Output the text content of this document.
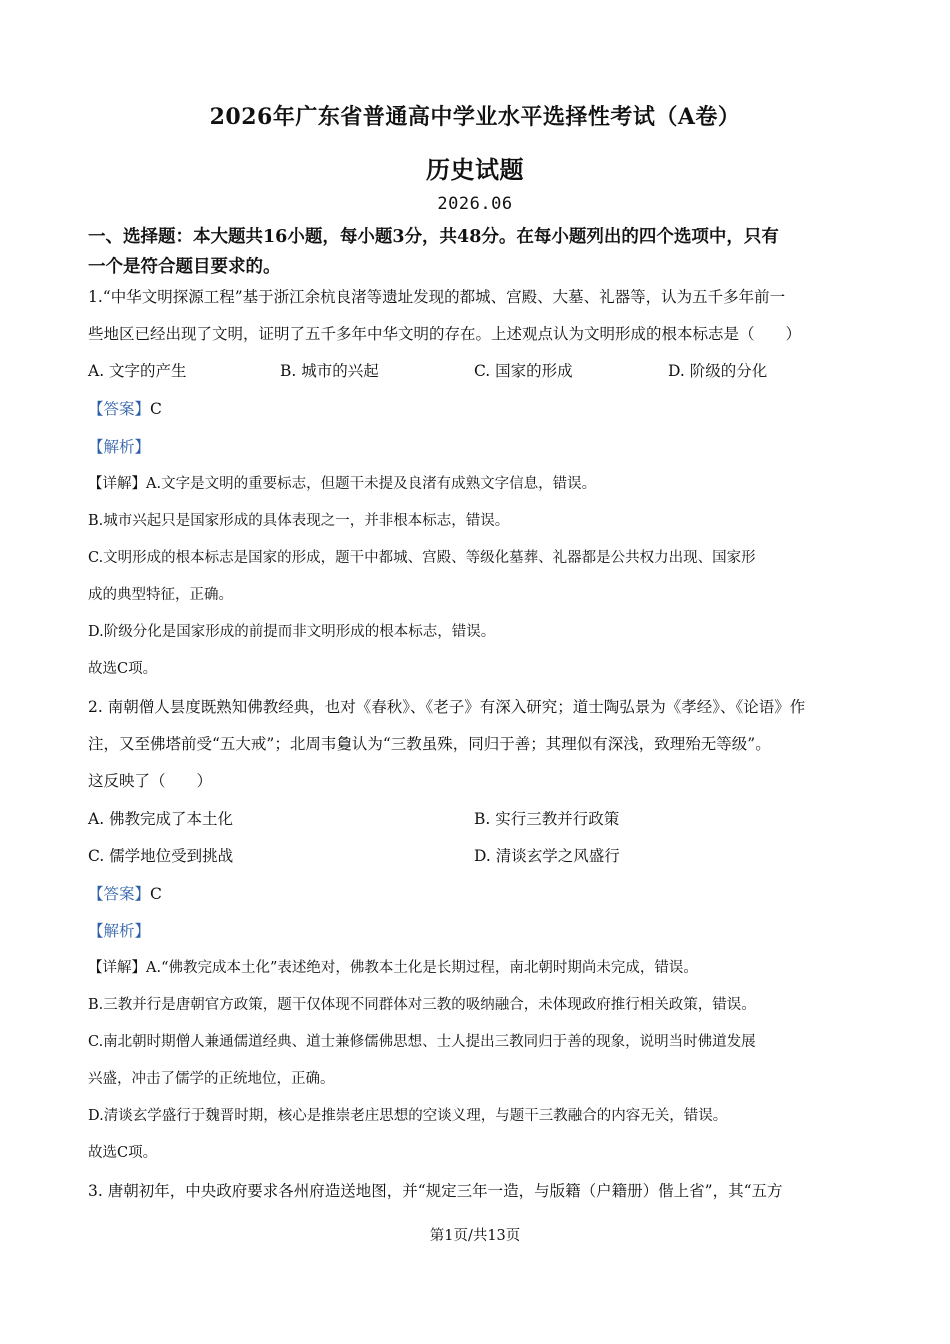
2026年广东省普通高中学业水平选择性考试（A卷）
历史试题
2026.06
一、选择题：本大题共16小题，每小题3分，共48分。在每小题列出的四个选项中，只有
一个是符合题目要求的。
1.“中华文明探源工程”基于浙江余杭良渚等遗址发现的都城、宫殿、大墓、礼器等，认为五千多年前一
些地区已经出现了文明，证明了五千多年中华文明的存在。上述观点认为文明形成的根本标志是（　　）
A. 文字的产生	B. 城市的兴起	C. 国家的形成	D. 阶级的分化
【答案】C
【解析】
【详解】A.文字是文明的重要标志，但题干未提及良渚有成熟文字信息，错误。
B.城市兴起只是国家形成的具体表现之一，并非根本标志，错误。
C.文明形成的根本标志是国家的形成，题干中都城、宫殿、等级化墓葬、礼器都是公共权力出现、国家形
成的典型特征，正确。
D.阶级分化是国家形成的前提而非文明形成的根本标志，错误。
故选C项。
2. 南朝僧人昙度既熟知佛教经典，也对《春秋》、《老子》有深入研究；道士陶弘景为《孝经》、《论语》作
注，又至佛塔前受“五大戒”；北周韦敻认为“三教虽殊，同归于善；其理似有深浅，致理殆无等级”。
这反映了（　　）
A. 佛教完成了本土化	B. 实行三教并行政策
C. 儒学地位受到挑战	D. 清谈玄学之风盛行
【答案】C
【解析】
【详解】A.“佛教完成本土化”表述绝对，佛教本土化是长期过程，南北朝时期尚未完成，错误。
B.三教并行是唐朝官方政策，题干仅体现不同群体对三教的吸纳融合，未体现政府推行相关政策，错误。
C.南北朝时期僧人兼通儒道经典、道士兼修儒佛思想、士人提出三教同归于善的现象，说明当时佛道发展
兴盛，冲击了儒学的正统地位，正确。
D.清谈玄学盛行于魏晋时期，核心是推崇老庄思想的空谈义理，与题干三教融合的内容无关，错误。
故选C项。
3. 唐朝初年，中央政府要求各州府造送地图，并“规定三年一造，与版籍（户籍册）偕上省”，其“五方
第1页/共13页
